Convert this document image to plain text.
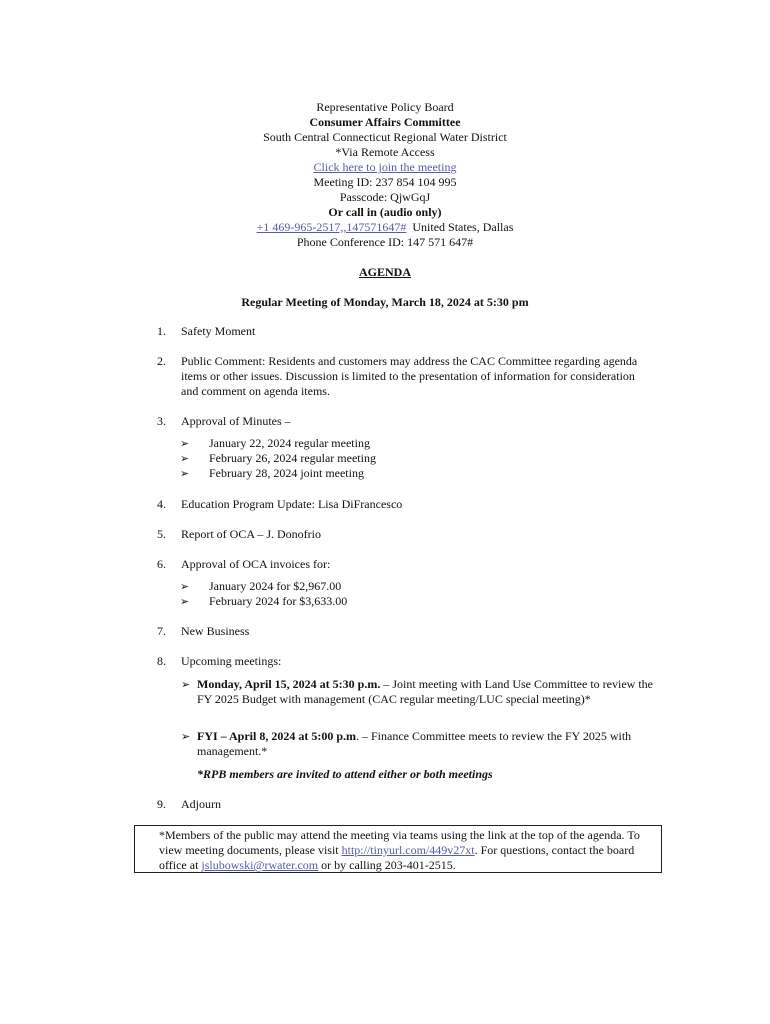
Representative Policy Board
Consumer Affairs Committee
South Central Connecticut Regional Water District
*Via Remote Access
Click here to join the meeting
Meeting ID: 237 854 104 995
Passcode: QjwGqJ
Or call in (audio only)
+1 469-965-2517,,147571647# United States, Dallas
Phone Conference ID: 147 571 647#
AGENDA
Regular Meeting of Monday, March 18, 2024 at 5:30 pm
1. Safety Moment
2. Public Comment: Residents and customers may address the CAC Committee regarding agenda items or other issues. Discussion is limited to the presentation of information for consideration and comment on agenda items.
3. Approval of Minutes –
➢ January 22, 2024 regular meeting
➢ February 26, 2024 regular meeting
➢ February 28, 2024 joint meeting
4. Education Program Update: Lisa DiFrancesco
5. Report of OCA – J. Donofrio
6. Approval of OCA invoices for:
➢ January 2024 for $2,967.00
➢ February 2024 for $3,633.00
7. New Business
8. Upcoming meetings:
➢ Monday, April 15, 2024 at 5:30 p.m. – Joint meeting with Land Use Committee to review the FY 2025 Budget with management (CAC regular meeting/LUC special meeting)*
➢ FYI – April 8, 2024 at 5:00 p.m. – Finance Committee meets to review the FY 2025 with management.*
*RPB members are invited to attend either or both meetings
9. Adjourn
*Members of the public may attend the meeting via teams using the link at the top of the agenda. To view meeting documents, please visit http://tinyurl.com/449v27xt. For questions, contact the board office at jslubowski@rwater.com or by calling 203-401-2515.
